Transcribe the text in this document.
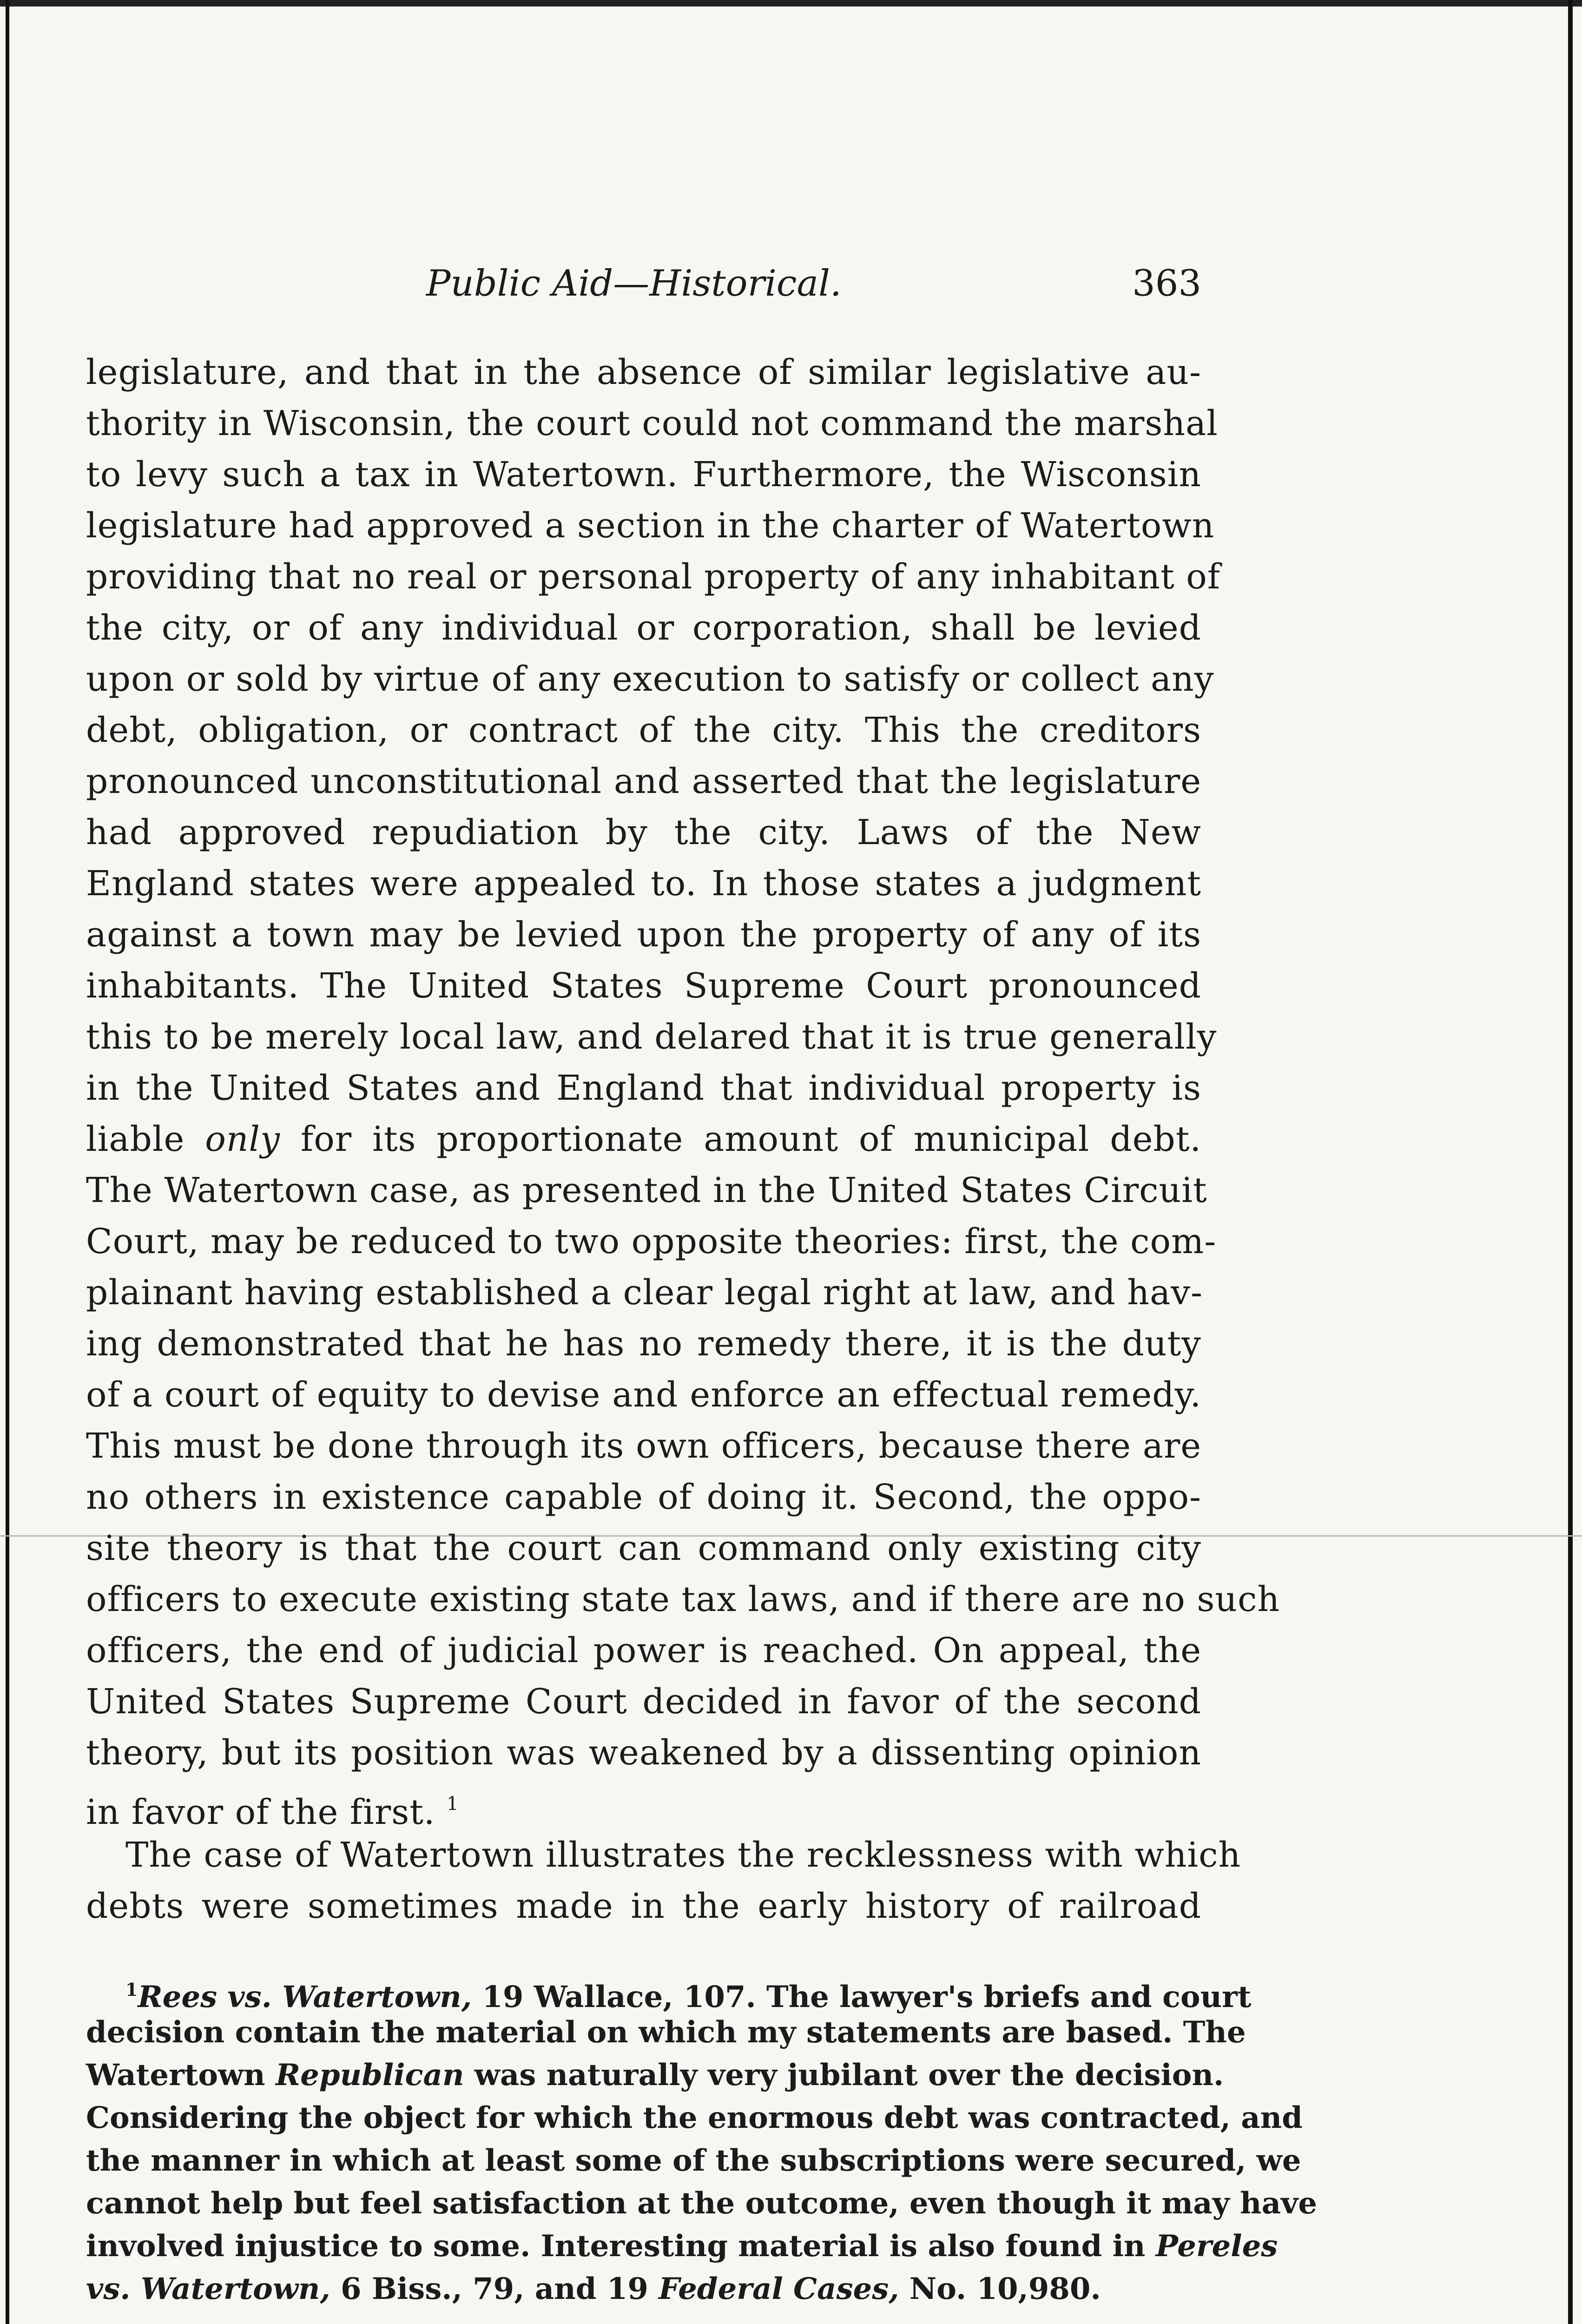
Public Aid—Historical.	363
legislature, and that in the absence of similar legislative au-
thority in Wisconsin, the court could not command the marshal
to levy such a tax in Watertown. Furthermore, the Wisconsin
legislature had approved a section in the charter of Watertown
providing that no real or personal property of any inhabitant of
the city, or of any individual or corporation, shall be levied
upon or sold by virtue of any execution to satisfy or collect any
debt, obligation, or contract of the city. This the creditors
pronounced unconstitutional and asserted that the legislature
had approved repudiation by the city. Laws of the New
England states were appealed to. In those states a judgment
against a town may be levied upon the property of any of its
inhabitants. The United States Supreme Court pronounced
this to be merely local law, and delared that it is true generally
in the United States and England that individual property is
liable only for its proportionate amount of municipal debt.
The Watertown case, as presented in the United States Circuit
Court, may be reduced to two opposite theories: first, the com-
plainant having established a clear legal right at law, and hav-
ing demonstrated that he has no remedy there, it is the duty
of a court of equity to devise and enforce an effectual remedy.
This must be done through its own officers, because there are
no others in existence capable of doing it. Second, the oppo-
site theory is that the court can command only existing city
officers to execute existing state tax laws, and if there are no such
officers, the end of judicial power is reached. On appeal, the
United States Supreme Court decided in favor of the second
theory, but its position was weakened by a dissenting opinion
in favor of the first. $^1$
The case of Watertown illustrates the recklessness with which
debts were sometimes made in the early history of railroad
$^1$Rees vs. Watertown, 19 Wallace, 107. The lawyer's briefs and court
decision contain the material on which my statements are based. The
Watertown Republican was naturally very jubilant over the decision.
Considering the object for which the enormous debt was contracted, and
the manner in which at least some of the subscriptions were secured, we
cannot help but feel satisfaction at the outcome, even though it may have
involved injustice to some. Interesting material is also found in Pereles
vs. Watertown, 6 Biss., 79, and 19 Federal Cases, No. 10,980.
